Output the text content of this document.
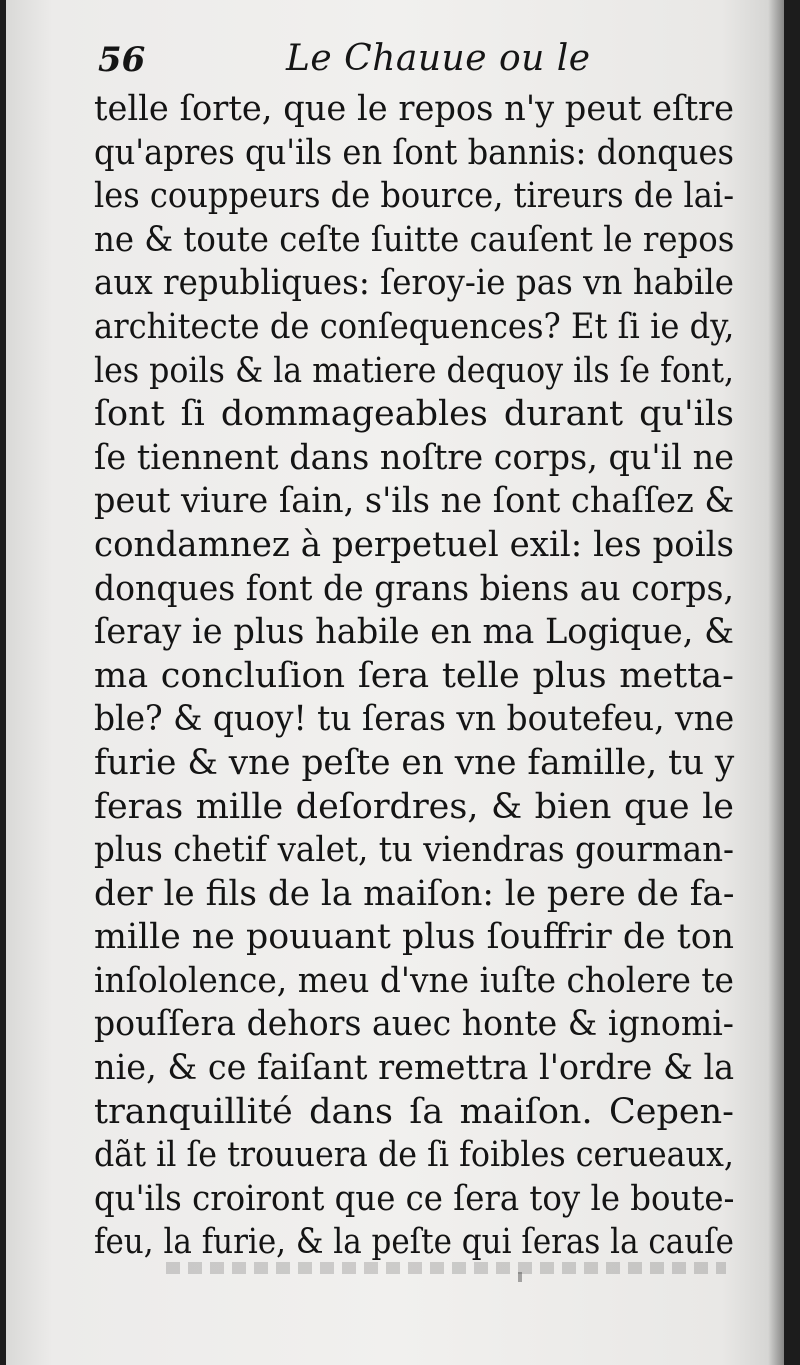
56	Le Chauue ou le
telle ſorte, que le repos n'y peut eſtre
qu'apres qu'ils en ſont bannis: donques
les couppeurs de bource, tireurs de lai-
ne & toute ceſte ſuitte cauſent le repos
aux republiques: ſeroy-ie pas vn habile
architecte de conſequences? Et ſi ie dy,
les poils & la matiere dequoy ils ſe font,
ſont ſi dommageables durant qu'ils
ſe tiennent dans noſtre corps, qu'il ne
peut viure ſain, s'ils ne ſont chaſſez &
condamnez à perpetuel exil: les poils
donques font de grans biens au corps,
ſeray ie plus habile en ma Logique, &
ma concluſion ſera telle plus metta-
ble? & quoy! tu ſeras vn boutefeu, vne
furie & vne peſte en vne famille, tu y
feras mille deſordres, & bien que le
plus chetif valet, tu viendras gourman-
der le fils de la maiſon: le pere de fa-
mille ne pouuant plus ſouffrir de ton
inſololence, meu d'vne iuſte cholere te
pouſſera dehors auec honte & ignomi-
nie, & ce faiſant remettra l'ordre & la
tranquillité dans ſa maiſon. Cepen-
dãt il ſe trouuera de ſi foibles cerueaux,
qu'ils croiront que ce ſera toy le boute-
feu, la furie, & la peſte qui ſeras la cauſe
